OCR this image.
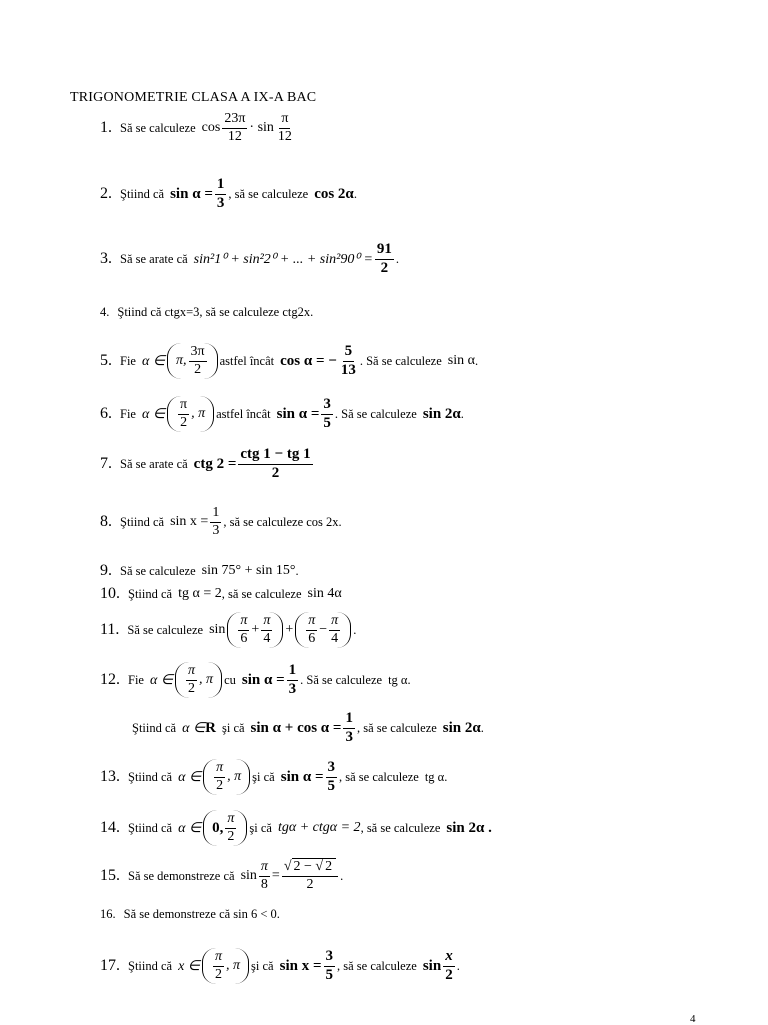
TRIGONOMETRIE CLASA A IX-A BAC
1. Să se calculeze $\cos \frac{23\pi}{12} \cdot \sin \frac{\pi}{12}$
2. Ştiind că $\sin \alpha = \frac{1}{3}$ , să se calculeze cos 2α .
3. Să se arate că sin²1⁰ + sin²2⁰ + ... + $\sin^290^0 = \frac{91}{2}$ .
4. Ştiind că ctgx=3, să se calculeze ctg2x.
5. Fie α ∈ π, $\frac{3\pi}{2}$ astfel încât cos α = − $\frac{5}{13}$ . Să se calculeze sin α .
6. Fie α ∈ $\frac{\pi}{2}$ , π astfel încât $\sin \alpha = \frac{3}{5}$ . Să se calculeze sin 2α .
7. Să se arate că ctg $2 = \frac{\text{ctg 1 − tg 1}}{2}$
8. Ştiind că $\sin x = \frac{1}{3}$ , să se calculeze cos 2x.
9. Să se calculeze sin 75° + sin 15° .
10. Ştiind că tg α = 2 , să se calculeze sin 4α
11. Să se calculeze $\sin \frac{\pi}{6} + \frac{\pi}{4} + \frac{\pi}{6} - \frac{\pi}{4}$ .
12. Fie α ∈ $\frac{\pi}{2}$ , π cu $\sin \alpha = \frac{1}{3}$ . Să se calculeze tg α.
Ştiind că α ∈ R şi că $\sin \alpha + \cos \alpha = \frac{1}{3}$ , să se calculeze sin 2α .
13. Ştiind că α ∈ $\frac{\pi}{2}$ , π şi că $\sin \alpha = \frac{3}{5}$ , să se calculeze tg α.
14. Ştiind că α ∈ 0, $\frac{\pi}{2}$ şi că tgα + ctgα = 2 , să se calculeze sin 2α .
15. Să se demonstreze că $\sin \frac{\pi}{8} = \frac{√ 2 - √ 2}{2}$ .
16. Să se demonstreze că sin 6 < 0.
17. Ştiind că x ∈ $\frac{\pi}{2}$ , π şi că $\sin x = \frac{3}{5}$ , să se calculeze $\sin \frac{x}{2}$ .
4
